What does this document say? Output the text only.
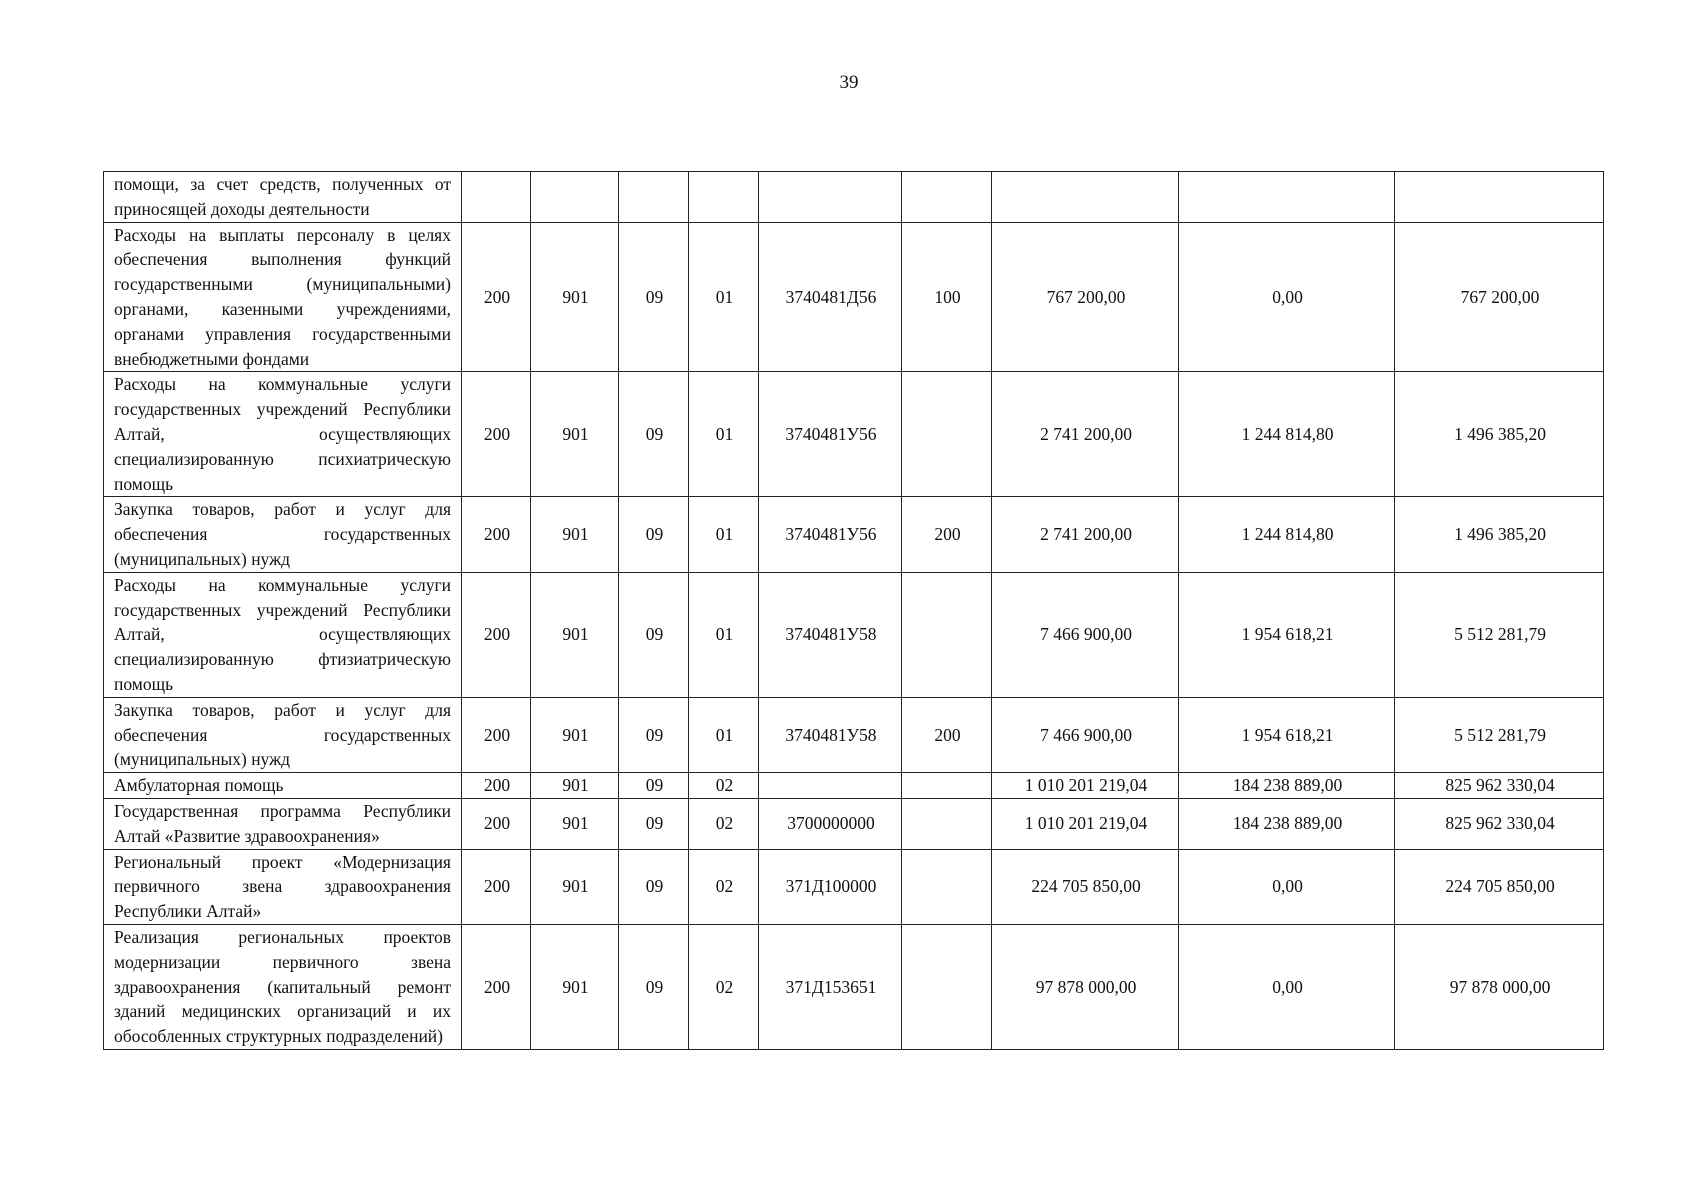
39
помощи, за счет средств, полученных от приносящей доходы деятельности									
Расходы на выплаты персоналу в целях обеспечения выполнения функций государственными (муниципальными) органами, казенными учреждениями, органами управления государственными внебюджетными фондами	200	901	09	01	3740481Д56	100	767 200,00	0,00	767 200,00
Расходы на коммунальные услуги государственных учреждений Республики Алтай, осуществляющих специализированную психиатрическую помощь	200	901	09	01	3740481У56		2 741 200,00	1 244 814,80	1 496 385,20
Закупка товаров, работ и услуг для обеспечения государственных (муниципальных) нужд	200	901	09	01	3740481У56	200	2 741 200,00	1 244 814,80	1 496 385,20
Расходы на коммунальные услуги государственных учреждений Республики Алтай, осуществляющих специализированную фтизиатрическую помощь	200	901	09	01	3740481У58		7 466 900,00	1 954 618,21	5 512 281,79
Закупка товаров, работ и услуг для обеспечения государственных (муниципальных) нужд	200	901	09	01	3740481У58	200	7 466 900,00	1 954 618,21	5 512 281,79
Амбулаторная помощь	200	901	09	02			1 010 201 219,04	184 238 889,00	825 962 330,04
Государственная программа Республики Алтай «Развитие здравоохранения»	200	901	09	02	3700000000		1 010 201 219,04	184 238 889,00	825 962 330,04
Региональный проект «Модернизация первичного звена здравоохранения Республики Алтай»	200	901	09	02	371Д100000		224 705 850,00	0,00	224 705 850,00
Реализация региональных проектов модернизации первичного звена здравоохранения (капитальный ремонт зданий медицинских организаций и их обособленных структурных подразделений)	200	901	09	02	371Д153651		97 878 000,00	0,00	97 878 000,00
